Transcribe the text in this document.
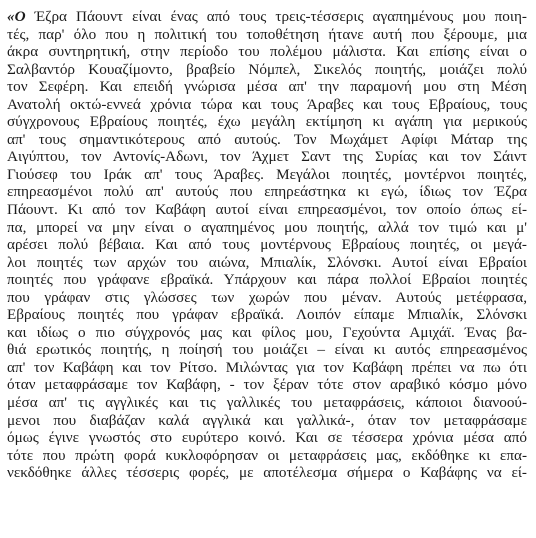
«Ο Έζρα Πάουντ είναι ένας από τους τρεις-τέσσερις αγαπημένους μου ποιη-
τές, παρ' όλο που η πολιτική του τοποθέτηση ήτανε αυτή που ξέρουμε, μια
άκρα συντηρητική, στην περίοδο του πολέμου μάλιστα. Και επίσης είναι ο
Σαλβαντόρ Κουαζίμοντο, βραβείο Νόμπελ, Σικελός ποιητής, μοιάζει πολύ
τον Σεφέρη. Και επειδή γνώρισα μέσα απ' την παραμονή μου στη Μέση
Ανατολή οκτώ-εννεά χρόνια τώρα και τους Άραβες και τους Εβραίους, τους
σύγχρονους Εβραίους ποιητές, έχω μεγάλη εκτίμηση κι αγάπη για μερικούς
απ' τους σημαντικότερους από αυτούς. Τον Μωχάμετ Αφίφι Μάταρ της
Αιγύπτου, τον Αντονίς-Αδωνι, τον Άχμετ Σαντ της Συρίας και τον Σάιντ
Γιούσεφ του Ιράκ απ' τους Άραβες. Μεγάλοι ποιητές, μοντέρνοι ποιητές,
επηρεασμένοι πολύ απ' αυτούς που επηρεάστηκα κι εγώ, ίδιως τον Έζρα
Πάουντ. Κι από τον Καβάφη αυτοί είναι επηρεασμένοι, τον οποίο όπως εί-
πα, μπορεί να μην είναι ο αγαπημένος μου ποιητής, αλλά τον τιμώ και μ'
αρέσει πολύ βέβαια. Και από τους μοντέρνους Εβραίους ποιητές, οι μεγά-
λοι ποιητές των αρχών του αιώνα, Μπιαλίκ, Σλόνσκι. Αυτοί είναι Εβραίοι
ποιητές που γράφανε εβραϊκά. Υπάρχουν και πάρα πολλοί Εβραίοι ποιητές
που γράφαν στις γλώσσες των χωρών που μέναν. Αυτούς μετέφρασα,
Εβραίους ποιητές που γράφαν εβραϊκά. Λοιπόν είπαμε Μπιαλίκ, Σλόνσκι
και ιδίως ο πιο σύγχρονός μας και φίλος μου, Γεχούντα Αμιχάϊ. Ένας βα-
θιά ερωτικός ποιητής, η ποίησή του μοιάζει – είναι κι αυτός επηρεασμένος
απ' τον Καβάφη και τον Ρίτσο. Μιλώντας για τον Καβάφη πρέπει να πω ότι
όταν μεταφράσαμε τον Καβάφη, - τον ξέραν τότε στον αραβικό κόσμο μόνο
μέσα απ' τις αγγλικές και τις γαλλικές του μεταφράσεις, κάποιοι διανοού-
μενοι που διαβάζαν καλά αγγλικά και γαλλικά-, όταν τον μεταφράσαμε
όμως έγινε γνωστός στο ευρύτερο κοινό. Και σε τέσσερα χρόνια μέσα από
τότε που πρώτη φορά κυκλοφόρησαν οι μεταφράσεις μας, εκδόθηκε κι επα-
νεκδόθηκε άλλες τέσσερις φορές, με αποτέλεσμα σήμερα ο Καβάφης να εί-
